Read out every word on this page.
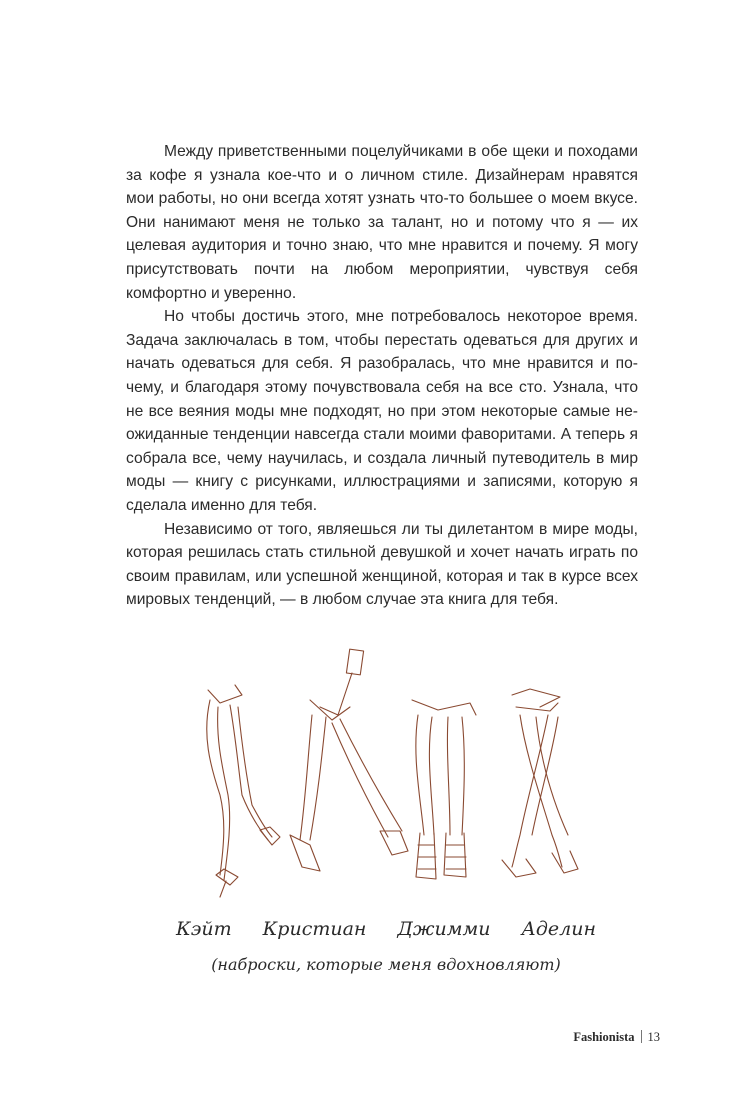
Между приветственными поцелуйчиками в обе щеки и походами за кофе я узнала кое-что и о личном стиле. Дизайнерам нравятся мои работы, но они всегда хотят узнать что-то большее о моем вкусе. Они нанимают меня не только за талант, но и потому что я — их целевая аудитория и точно знаю, что мне нравится и почему. Я могу присутствовать почти на любом мероприятии, чувствуя себя комфортно и уверенно.

Но чтобы достичь этого, мне потребовалось некоторое время. Задача заключалась в том, чтобы перестать одеваться для других и начать одеваться для себя. Я разобралась, что мне нравится и почему, и благодаря этому почувствовала себя на все сто. Узнала, что не все веяния моды мне подходят, но при этом некоторые самые неожиданные тенденции навсегда стали моими фаворитами. А теперь я собрала все, чему научилась, и создала личный путеводитель в мир моды — книгу с рисунками, иллюстрациями и записями, которую я сделала именно для тебя.

Независимо от того, являешься ли ты дилетантом в мире моды, которая решилась стать стильной девушкой и хочет начать играть по своим правилам, или успешной женщиной, которая и так в курсе всех мировых тенденций, — в любом случае эта книга для тебя.

Кэйт Кристиан Джимми Аделин
(наброски, которые меня вдохновляют)
Fashionista 13
